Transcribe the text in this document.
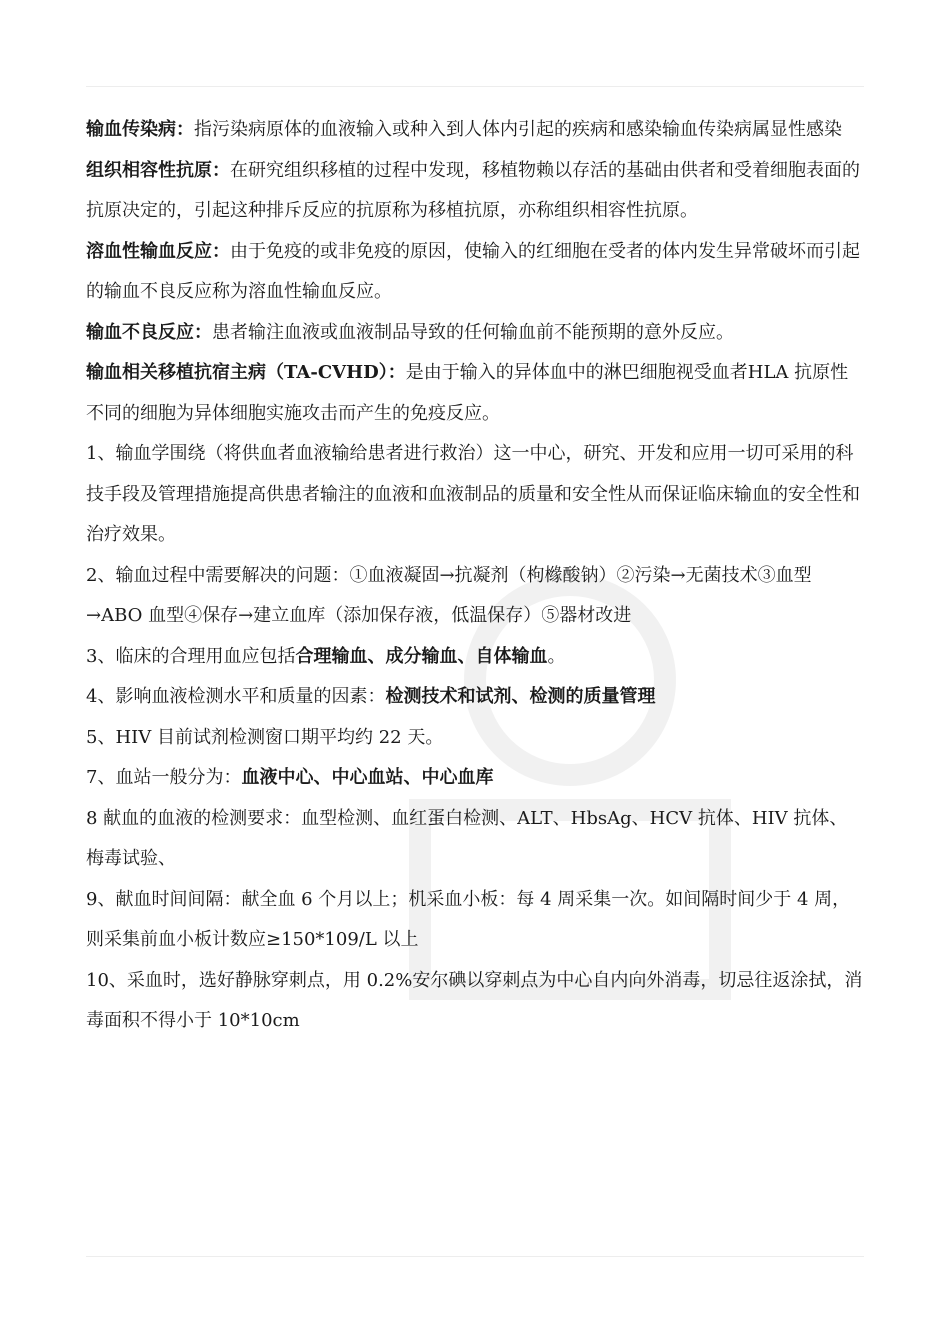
输血传染病：指污染病原体的血液输入或种入到人体内引起的疾病和感染输血传染病属显性感染

组织相容性抗原：在研究组织移植的过程中发现，移植物赖以存活的基础由供者和受着细胞表面的抗原决定的，引起这种排斥反应的抗原称为移植抗原，亦称组织相容性抗原。

溶血性输血反应：由于免疫的或非免疫的原因，使输入的红细胞在受者的体内发生异常破坏而引起的输血不良反应称为溶血性输血反应。

输血不良反应：患者输注血液或血液制品导致的任何输血前不能预期的意外反应。

输血相关移植抗宿主病（TA-CVHD）：是由于输入的异体血中的淋巴细胞视受血者HLA 抗原性不同的细胞为异体细胞实施攻击而产生的免疫反应。

1、输血学围绕（将供血者血液输给患者进行救治）这一中心，研究、开发和应用一切可采用的科技手段及管理措施提高供患者输注的血液和血液制品的质量和安全性从而保证临床输血的安全性和治疗效果。

2、输血过程中需要解决的问题：①血液凝固→抗凝剂（枸橼酸钠）②污染→无菌技术③血型→ABO 血型④保存→建立血库（添加保存液，低温保存）⑤器材改进

3、临床的合理用血应包括合理输血、成分输血、自体输血。

4、影响血液检测水平和质量的因素：检测技术和试剂、检测的质量管理

5、HIV 目前试剂检测窗口期平均约 22 天。

7、血站一般分为：血液中心、中心血站、中心血库

8 献血的血液的检测要求：血型检测、血红蛋白检测、ALT、HbsAg、HCV 抗体、HIV 抗体、梅毒试验、

9、献血时间间隔：献全血 6 个月以上；机采血小板：每 4 周采集一次。如间隔时间少于 4 周，则采集前血小板计数应≥150*109/L 以上

10、采血时，选好静脉穿刺点，用 0.2%安尔碘以穿刺点为中心自内向外消毒，切忌往返涂拭，消毒面积不得小于 10*10cm
